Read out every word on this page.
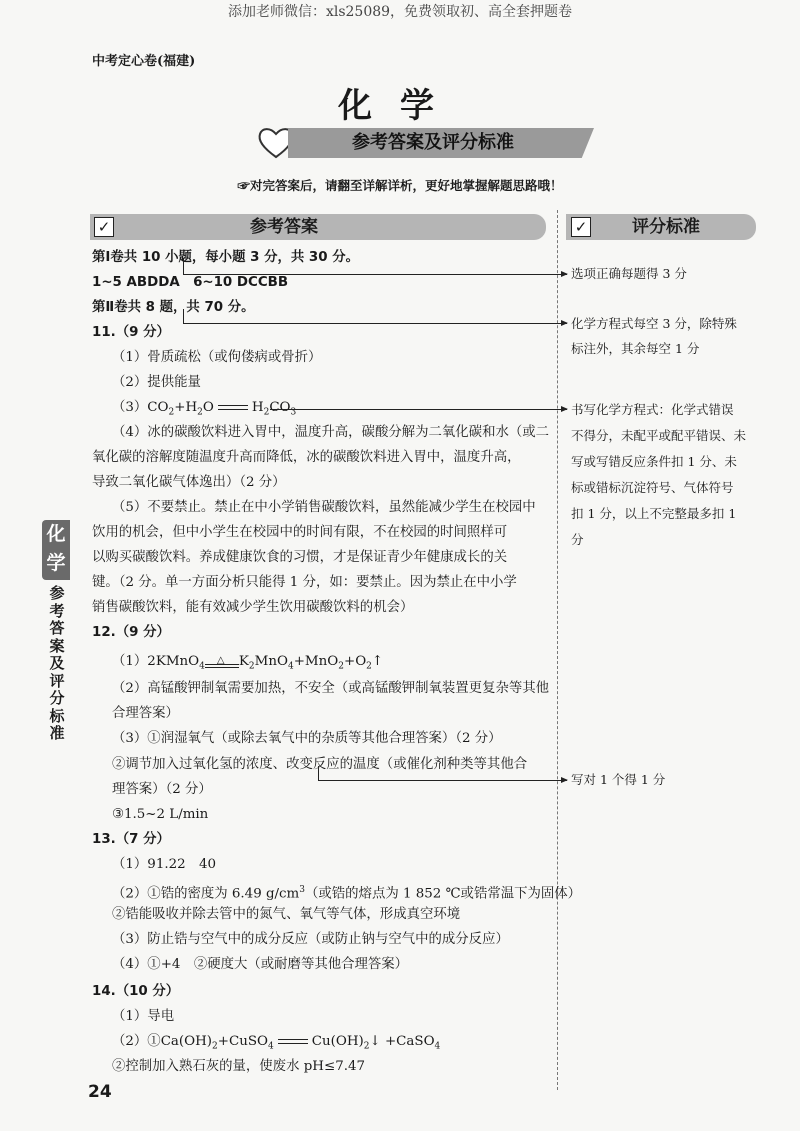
添加老师微信：xls25089，免费领取初、高全套押题卷
中考定心卷(福建)
化学
参考答案及评分标准
☞对完答案后，请翻至详解详析，更好地掌握解题思路哦！
✓	✓
参考答案	评分标准
化学
参考答案及评分标准
第Ⅰ卷共 10 小题，每小题 3 分，共 30 分。
1~5 ABDDA　6~10 DCCBB
第Ⅱ卷共 8 题，共 70 分。
11.（9 分）
（1）骨质疏松（或佝偻病或骨折）
（2）提供能量
$(3)CO_2+H_2O$	$H_2CO_3$
（4）冰的碳酸饮料进入胃中，温度升高，碳酸分解为二氧化碳和水（或二
氧化碳的溶解度随温度升高而降低，冰的碳酸饮料进入胃中，温度升高，
导致二氧化碳气体逸出）（2 分）
（5）不要禁止。禁止在中小学销售碳酸饮料，虽然能减少学生在校园中
饮用的机会，但中小学生在校园中的时间有限，不在校园的时间照样可
以购买碳酸饮料。养成健康饮食的习惯，才是保证青少年健康成长的关
键。（2 分。单一方面分析只能得 1 分，如：要禁止。因为禁止在中小学
销售碳酸饮料，能有效减少学生饮用碳酸饮料的机会）
12.（9 分）
（1）2KMnO$_4$
△ $K_2MnO_4+MnO_2+O_2↑$
（2）高锰酸钾制氧需要加热，不安全（或高锰酸钾制氧装置更复杂等其他
合理答案）
（3）①润湿氧气（或除去氧气中的杂质等其他合理答案）（2 分）
②调节加入过氧化氢的浓度、改变反应的温度（或催化剂种类等其他合
理答案）（2 分）
③1.5~2 L/min
13.（7 分）
（1）91.22　40
（2）①锆的密度为 6.49 $g/cm^3$（或锆的熔点为 1 852 ℃或锆常温下为固体）
②锆能吸收并除去管中的氮气、氧气等气体，形成真空环境
（3）防止锆与空气中的成分反应（或防止钠与空气中的成分反应）
（4）①+4　②硬度大（或耐磨等其他合理答案）
14.（10 分）
（1）导电
$(2)①Ca(OH)_2+CuSO_4$	$Cu(OH)_2↓$ +CaSO$_4$
②控制加入熟石灰的量，使废水 pH≤7.47
24
选项正确每题得 3 分
化学方程式每空 3 分，除特殊
标注外，其余每空 1 分
书写化学方程式：化学式错误
不得分，未配平或配平错误、未
写或写错反应条件扣 1 分、未
标或错标沉淀符号、气体符号
扣 1 分，以上不完整最多扣 1
分
写对 1 个得 1 分
